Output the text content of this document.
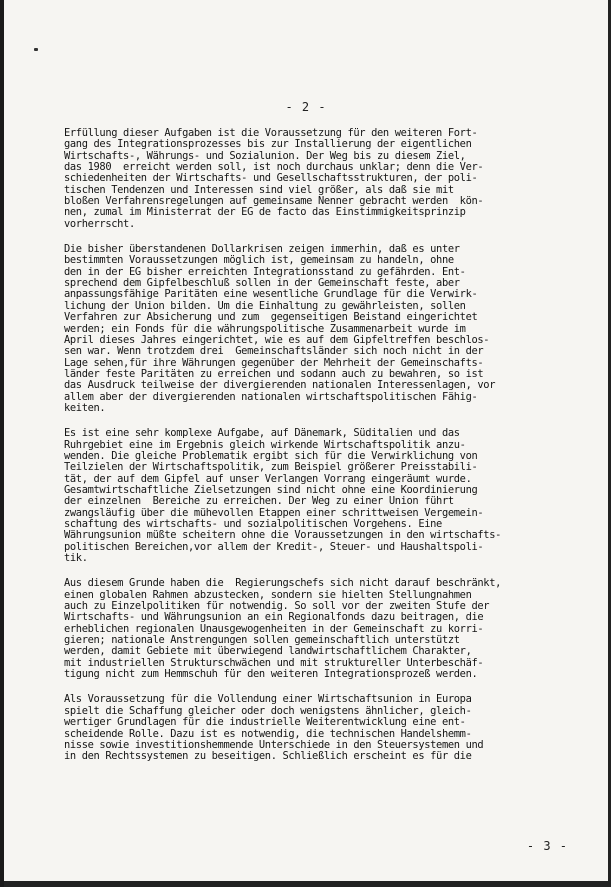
- 2 -
Erfüllung dieser Aufgaben ist die Voraussetzung für den weiteren Fort-
gang des Integrationsprozesses bis zur Installierung der eigentlichen
Wirtschafts-, Währungs- und Sozialunion. Der Weg bis zu diesem Ziel,
das 1980  erreicht werden soll, ist noch durchaus unklar; denn die Ver-
schiedenheiten der Wirtschafts- und Gesellschaftsstrukturen, der poli-
tischen Tendenzen und Interessen sind viel größer, als daß sie mit
bloßen Verfahrensregelungen auf gemeinsame Nenner gebracht werden  kön-
nen, zumal im Ministerrat der EG de facto das Einstimmigkeitsprinzip
vorherrscht.
Die bisher überstandenen Dollarkrisen zeigen immerhin, daß es unter
bestimmten Voraussetzungen möglich ist, gemeinsam zu handeln, ohne
den in der EG bisher erreichten Integrationsstand zu gefährden. Ent-
sprechend dem Gipfelbeschluß sollen in der Gemeinschaft feste, aber
anpassungsfähige Paritäten eine wesentliche Grundlage für die Verwirk-
lichung der Union bilden. Um die Einhaltung zu gewährleisten, sollen
Verfahren zur Absicherung und zum  gegenseitigen Beistand eingerichtet
werden; ein Fonds für die währungspolitische Zusammenarbeit wurde im
April dieses Jahres eingerichtet, wie es auf dem Gipfeltreffen beschlos-
sen war. Wenn trotzdem drei  Gemeinschaftsländer sich noch nicht in der
Lage sehen,für ihre Währungen gegenüber der Mehrheit der Gemeinschafts-
länder feste Paritäten zu erreichen und sodann auch zu bewahren, so ist
das Ausdruck teilweise der divergierenden nationalen Interessenlagen, vor
allem aber der divergierenden nationalen wirtschaftspolitischen Fähig-
keiten.
Es ist eine sehr komplexe Aufgabe, auf Dänemark, Süditalien und das
Ruhrgebiet eine im Ergebnis gleich wirkende Wirtschaftspolitik anzu-
wenden. Die gleiche Problematik ergibt sich für die Verwirklichung von
Teilzielen der Wirtschaftspolitik, zum Beispiel größerer Preisstabili-
tät, der auf dem Gipfel auf unser Verlangen Vorrang eingeräumt wurde.
Gesamtwirtschaftliche Zielsetzungen sind nicht ohne eine Koordinierung
der einzelnen  Bereiche zu erreichen. Der Weg zu einer Union führt
zwangsläufig über die mühevollen Etappen einer schrittweisen Vergemein-
schaftung des wirtschafts- und sozialpolitischen Vorgehens. Eine
Währungsunion müßte scheitern ohne die Voraussetzungen in den wirtschafts-
politischen Bereichen,vor allem der Kredit-, Steuer- und Haushaltspoli-
tik.
Aus diesem Grunde haben die  Regierungschefs sich nicht darauf beschränkt,
einen globalen Rahmen abzustecken, sondern sie hielten Stellungnahmen
auch zu Einzelpolitiken für notwendig. So soll vor der zweiten Stufe der
Wirtschafts- und Währungsunion an ein Regionalfonds dazu beitragen, die
erheblichen regionalen Unausgewogenheiten in der Gemeinschaft zu korri-
gieren; nationale Anstrengungen sollen gemeinschaftlich unterstützt
werden, damit Gebiete mit überwiegend landwirtschaftlichem Charakter,
mit industriellen Strukturschwächen und mit struktureller Unterbeschäf-
tigung nicht zum Hemmschuh für den weiteren Integrationsprozeß werden.
Als Voraussetzung für die Vollendung einer Wirtschaftsunion in Europa
spielt die Schaffung gleicher oder doch wenigstens ähnlicher, gleich-
wertiger Grundlagen für die industrielle Weiterentwicklung eine ent-
scheidende Rolle. Dazu ist es notwendig, die technischen Handelshemm-
nisse sowie investitionshemmende Unterschiede in den Steuersystemen und
in den Rechtssystemen zu beseitigen. Schließlich erscheint es für die
- 3 -
